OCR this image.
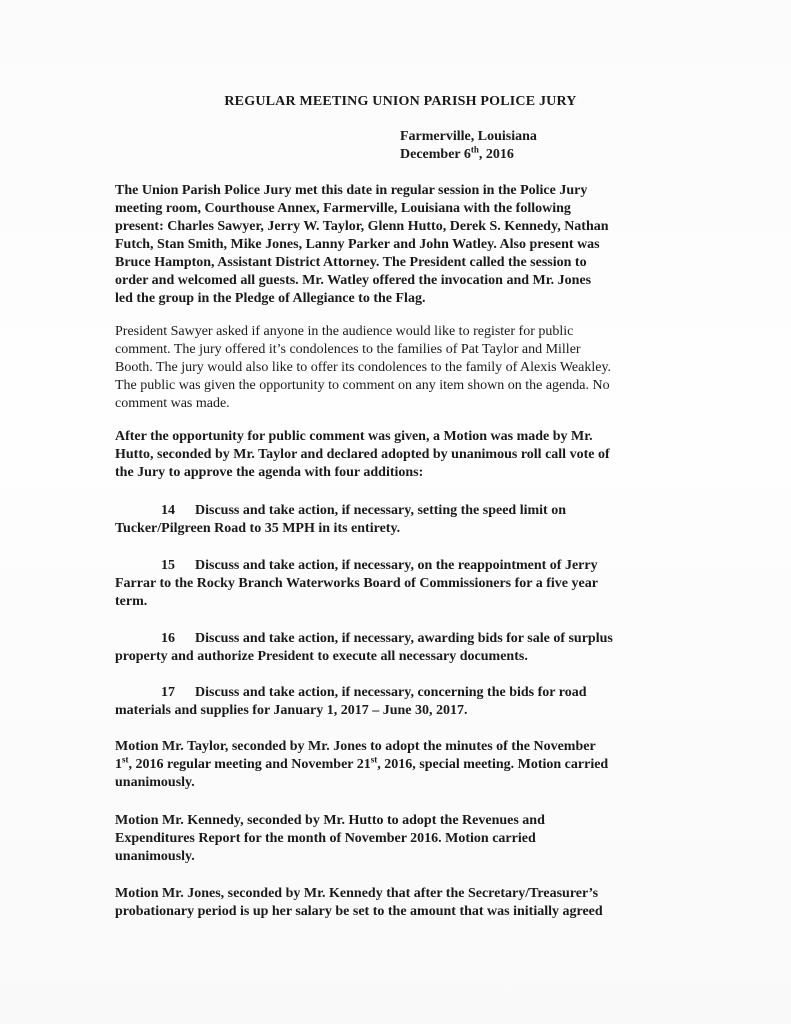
REGULAR MEETING UNION PARISH POLICE JURY
Farmerville, Louisiana
December 6th, 2016
The Union Parish Police Jury met this date in regular session in the Police Jury
meeting room, Courthouse Annex, Farmerville, Louisiana with the following
present: Charles Sawyer, Jerry W. Taylor, Glenn Hutto, Derek S. Kennedy, Nathan
Futch, Stan Smith, Mike Jones, Lanny Parker and John Watley. Also present was
Bruce Hampton, Assistant District Attorney. The President called the session to
order and welcomed all guests. Mr. Watley offered the invocation and Mr. Jones
led the group in the Pledge of Allegiance to the Flag.
President Sawyer asked if anyone in the audience would like to register for public
comment. The jury offered it’s condolences to the families of Pat Taylor and Miller
Booth. The jury would also like to offer its condolences to the family of Alexis Weakley.
The public was given the opportunity to comment on any item shown on the agenda. No
comment was made.
After the opportunity for public comment was given, a Motion was made by Mr.
Hutto, seconded by Mr. Taylor and declared adopted by unanimous roll call vote of
the Jury to approve the agenda with four additions:
14 Discuss and take action, if necessary, setting the speed limit on
Tucker/Pilgreen Road to 35 MPH in its entirety.
15 Discuss and take action, if necessary, on the reappointment of Jerry
Farrar to the Rocky Branch Waterworks Board of Commissioners for a five year
term.
16 Discuss and take action, if necessary, awarding bids for sale of surplus
property and authorize President to execute all necessary documents.
17 Discuss and take action, if necessary, concerning the bids for road
materials and supplies for January 1, 2017 – June 30, 2017.
Motion Mr. Taylor, seconded by Mr. Jones to adopt the minutes of the November
1st, 2016 regular meeting and November 21st, 2016, special meeting. Motion carried
unanimously.
Motion Mr. Kennedy, seconded by Mr. Hutto to adopt the Revenues and
Expenditures Report for the month of November 2016. Motion carried
unanimously.
Motion Mr. Jones, seconded by Mr. Kennedy that after the Secretary/Treasurer’s
probationary period is up her salary be set to the amount that was initially agreed
